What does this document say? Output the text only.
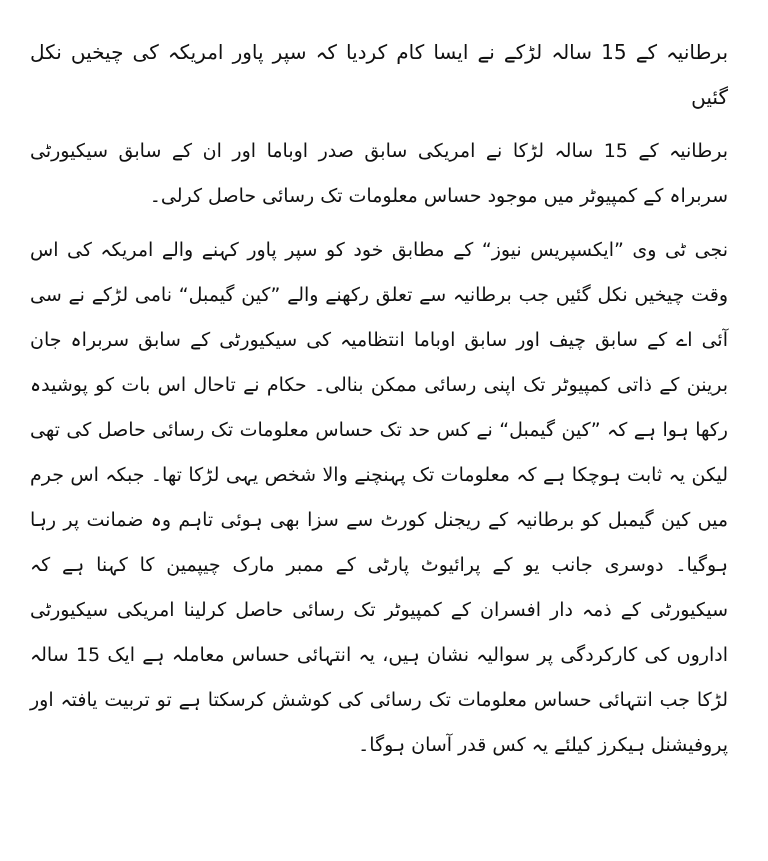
برطانیہ کے 15 سالہ لڑکے نے ایسا کام کردیا کہ سپر پاور امریکہ کی چیخیں نکل گئیں

برطانیہ کے 15 سالہ لڑکا نے امریکی سابق صدر اوباما اور ان کے سابق سیکیورٹی سربراہ کے کمپیوٹر میں موجود حساس معلومات تک رسائی حاصل کرلی۔

نجی ٹی وی ”ایکسپریس نیوز“ کے مطابق خود کو سپر پاور کہنے والے امریکہ کی اس وقت چیخیں نکل گئیں جب برطانیہ سے تعلق رکھنے والے ”کین گیمبل“ نامی لڑکے نے سی آئی اے کے سابق چیف اور سابق اوباما انتظامیہ کی سیکیورٹی کے سابق سربراہ جان برینن کے ذاتی کمپیوٹر تک اپنی رسائی ممکن بنالی۔ حکام نے تاحال اس بات کو پوشیدہ رکھا ہوا ہے کہ ”کین گیمبل“ نے کس حد تک حساس معلومات تک رسائی حاصل کی تھی لیکن یہ ثابت ہوچکا ہے کہ معلومات تک پہنچنے والا شخص یہی لڑکا تھا۔ جبکہ اس جرم میں کین گیمبل کو برطانیہ کے ریجنل کورٹ سے سزا بھی ہوئی تاہم وہ ضمانت پر رہا ہوگیا۔ دوسری جانب یو کے پرائیوٹ پارٹی کے ممبر مارک چیپمین کا کہنا ہے کہ سیکیورٹی کے ذمہ دار افسران کے کمپیوٹر تک رسائی حاصل کرلینا امریکی سیکیورٹی اداروں کی کارکردگی پر سوالیہ نشان ہیں، یہ انتہائی حساس معاملہ ہے ایک 15 سالہ لڑکا جب انتہائی حساس معلومات تک رسائی کی کوشش کرسکتا ہے تو تربیت یافتہ اور پروفیشنل ہیکرز کیلئے یہ کس قدر آسان ہوگا۔
